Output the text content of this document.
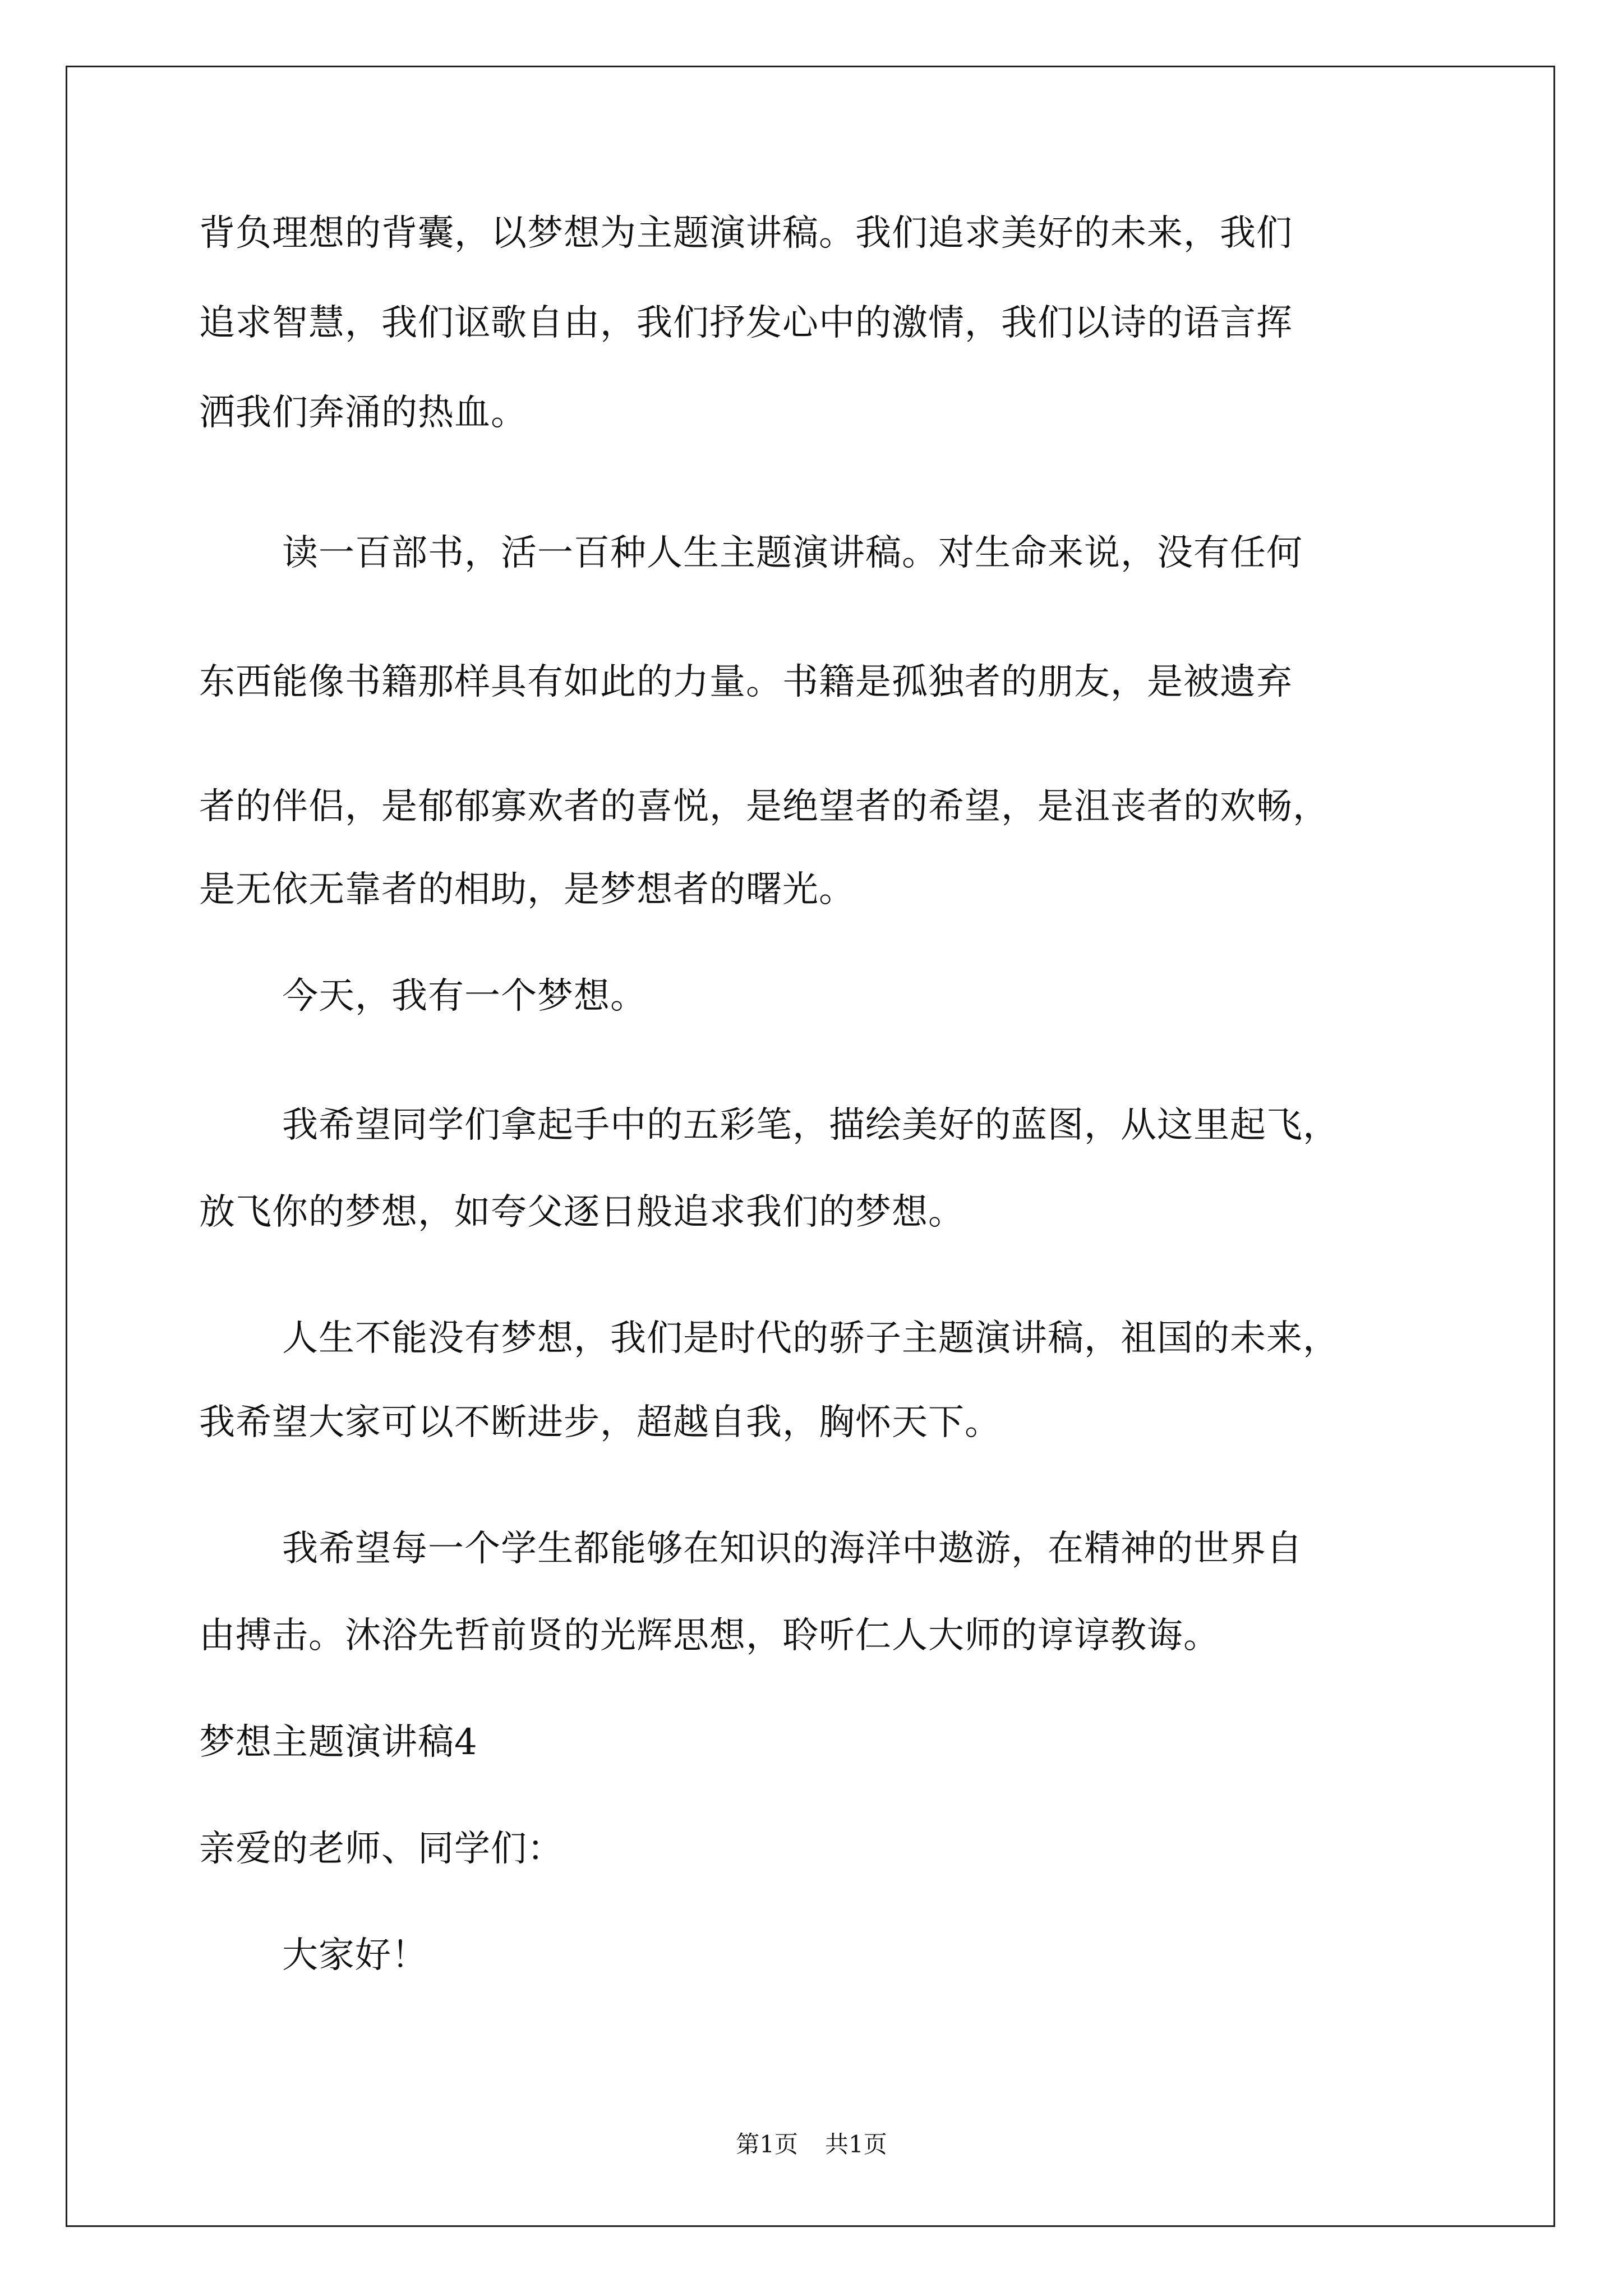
背负理想的背囊，以梦想为主题演讲稿。我们追求美好的未来，我们
追求智慧，我们讴歌自由，我们抒发心中的激情，我们以诗的语言挥
洒我们奔涌的热血。
读一百部书，活一百种人生主题演讲稿。对生命来说，没有任何
东西能像书籍那样具有如此的力量。书籍是孤独者的朋友，是被遗弃
者的伴侣，是郁郁寡欢者的喜悦，是绝望者的希望，是沮丧者的欢畅，
是无依无靠者的相助，是梦想者的曙光。
今天，我有一个梦想。
我希望同学们拿起手中的五彩笔，描绘美好的蓝图，从这里起飞，
放飞你的梦想，如夸父逐日般追求我们的梦想。
人生不能没有梦想，我们是时代的骄子主题演讲稿，祖国的未来，
我希望大家可以不断进步，超越自我，胸怀天下。
我希望每一个学生都能够在知识的海洋中遨游，在精神的世界自
由搏击。沐浴先哲前贤的光辉思想，聆听仁人大师的谆谆教诲。
梦想主题演讲稿4
亲爱的老师、同学们：
大家好！
第1页 共1页
